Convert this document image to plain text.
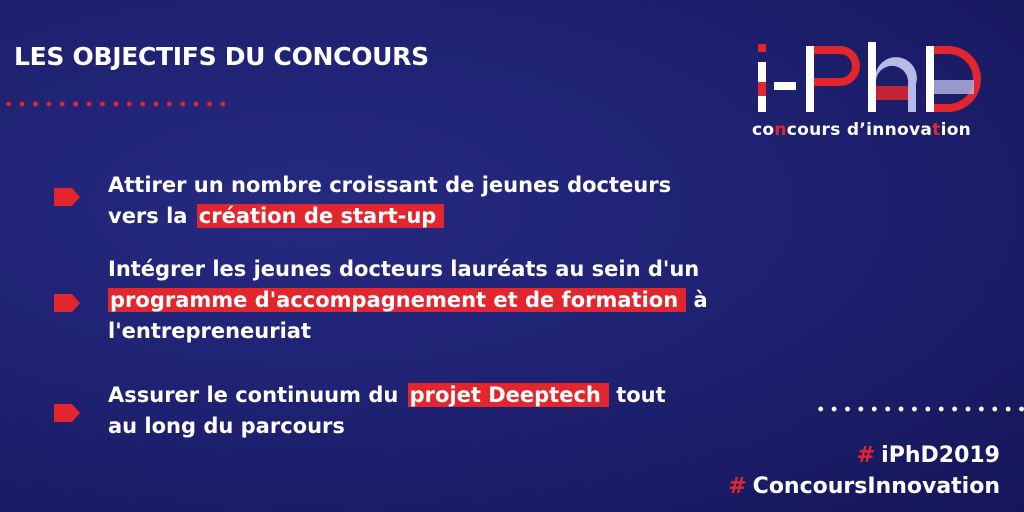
LES OBJECTIFS DU CONCOURS
concours d’innovation
Attirer un nombre croissant de jeunes docteurs
vers la création de start-up
Intégrer les jeunes docteurs lauréats au sein d'un
programme d'accompagnement et de formation à
l'entrepreneuriat
Assurer le continuum du projet Deeptech tout
au long du parcours
# iPhD2019
# ConcoursInnovation
